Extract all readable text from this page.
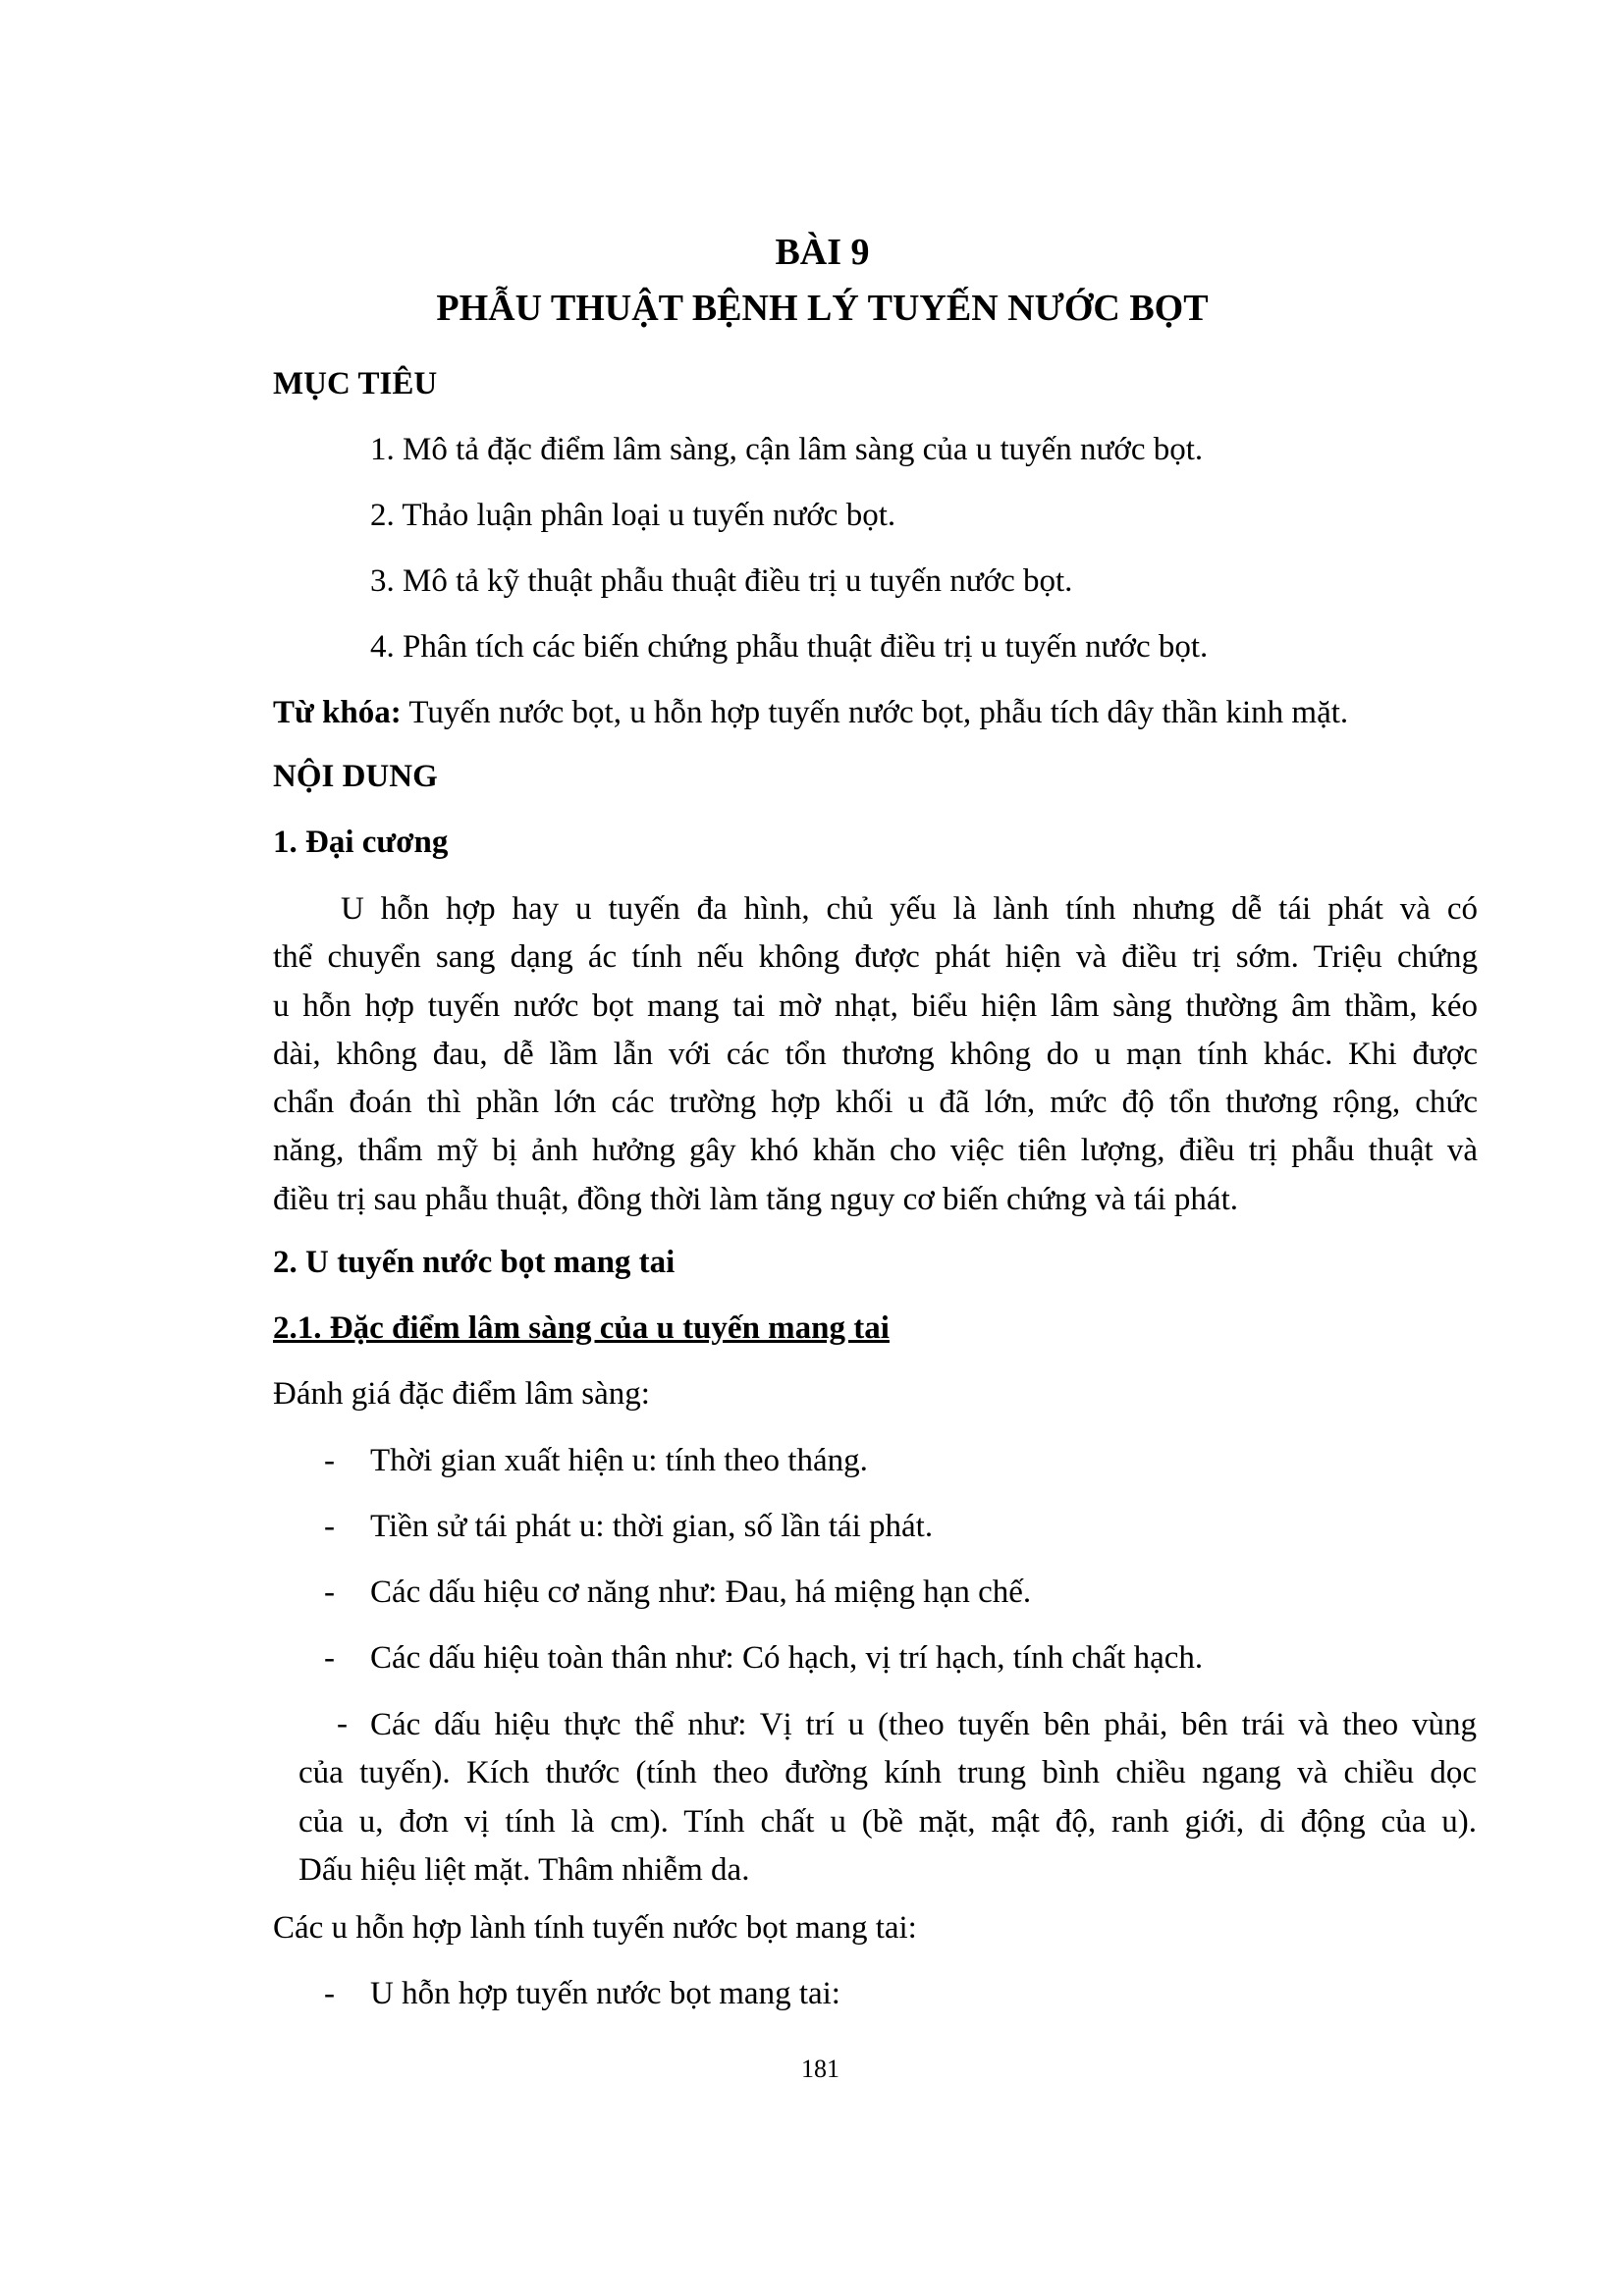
BÀI 9
PHẪU THUẬT BỆNH LÝ TUYẾN NƯỚC BỌT
MỤC TIÊU
1. Mô tả đặc điểm lâm sàng, cận lâm sàng của u tuyến nước bọt.
2. Thảo luận phân loại u tuyến nước bọt.
3. Mô tả kỹ thuật phẫu thuật điều trị u tuyến nước bọt.
4. Phân tích các biến chứng phẫu thuật điều trị u tuyến nước bọt.
Từ khóa: Tuyến nước bọt, u hỗn hợp tuyến nước bọt, phẫu tích dây thần kinh mặt.
NỘI DUNG
1. Đại cương
U hỗn hợp hay u tuyến đa hình, chủ yếu là lành tính nhưng dễ tái phát và có
thể chuyển sang dạng ác tính nếu không được phát hiện và điều trị sớm. Triệu chứng
u hỗn hợp tuyến nước bọt mang tai mờ nhạt, biểu hiện lâm sàng thường âm thầm, kéo
dài, không đau, dễ lầm lẫn với các tổn thương không do u mạn tính khác. Khi được
chẩn đoán thì phần lớn các trường hợp khối u đã lớn, mức độ tổn thương rộng, chức
năng, thẩm mỹ bị ảnh hưởng gây khó khăn cho việc tiên lượng, điều trị phẫu thuật và
điều trị sau phẫu thuật, đồng thời làm tăng nguy cơ biến chứng và tái phát.
2. U tuyến nước bọt mang tai
2.1. Đặc điểm lâm sàng của u tuyến mang tai
Đánh giá đặc điểm lâm sàng:
- Thời gian xuất hiện u: tính theo tháng.
- Tiền sử tái phát u: thời gian, số lần tái phát.
- Các dấu hiệu cơ năng như: Đau, há miệng hạn chế.
- Các dấu hiệu toàn thân như: Có hạch, vị trí hạch, tính chất hạch.
- Các dấu hiệu thực thể như: Vị trí u (theo tuyến bên phải, bên trái và theo vùng
của tuyến). Kích thước (tính theo đường kính trung bình chiều ngang và chiều dọc
của u, đơn vị tính là cm). Tính chất u (bề mặt, mật độ, ranh giới, di động của u).
Dấu hiệu liệt mặt. Thâm nhiễm da.
Các u hỗn hợp lành tính tuyến nước bọt mang tai:
- U hỗn hợp tuyến nước bọt mang tai:
181
